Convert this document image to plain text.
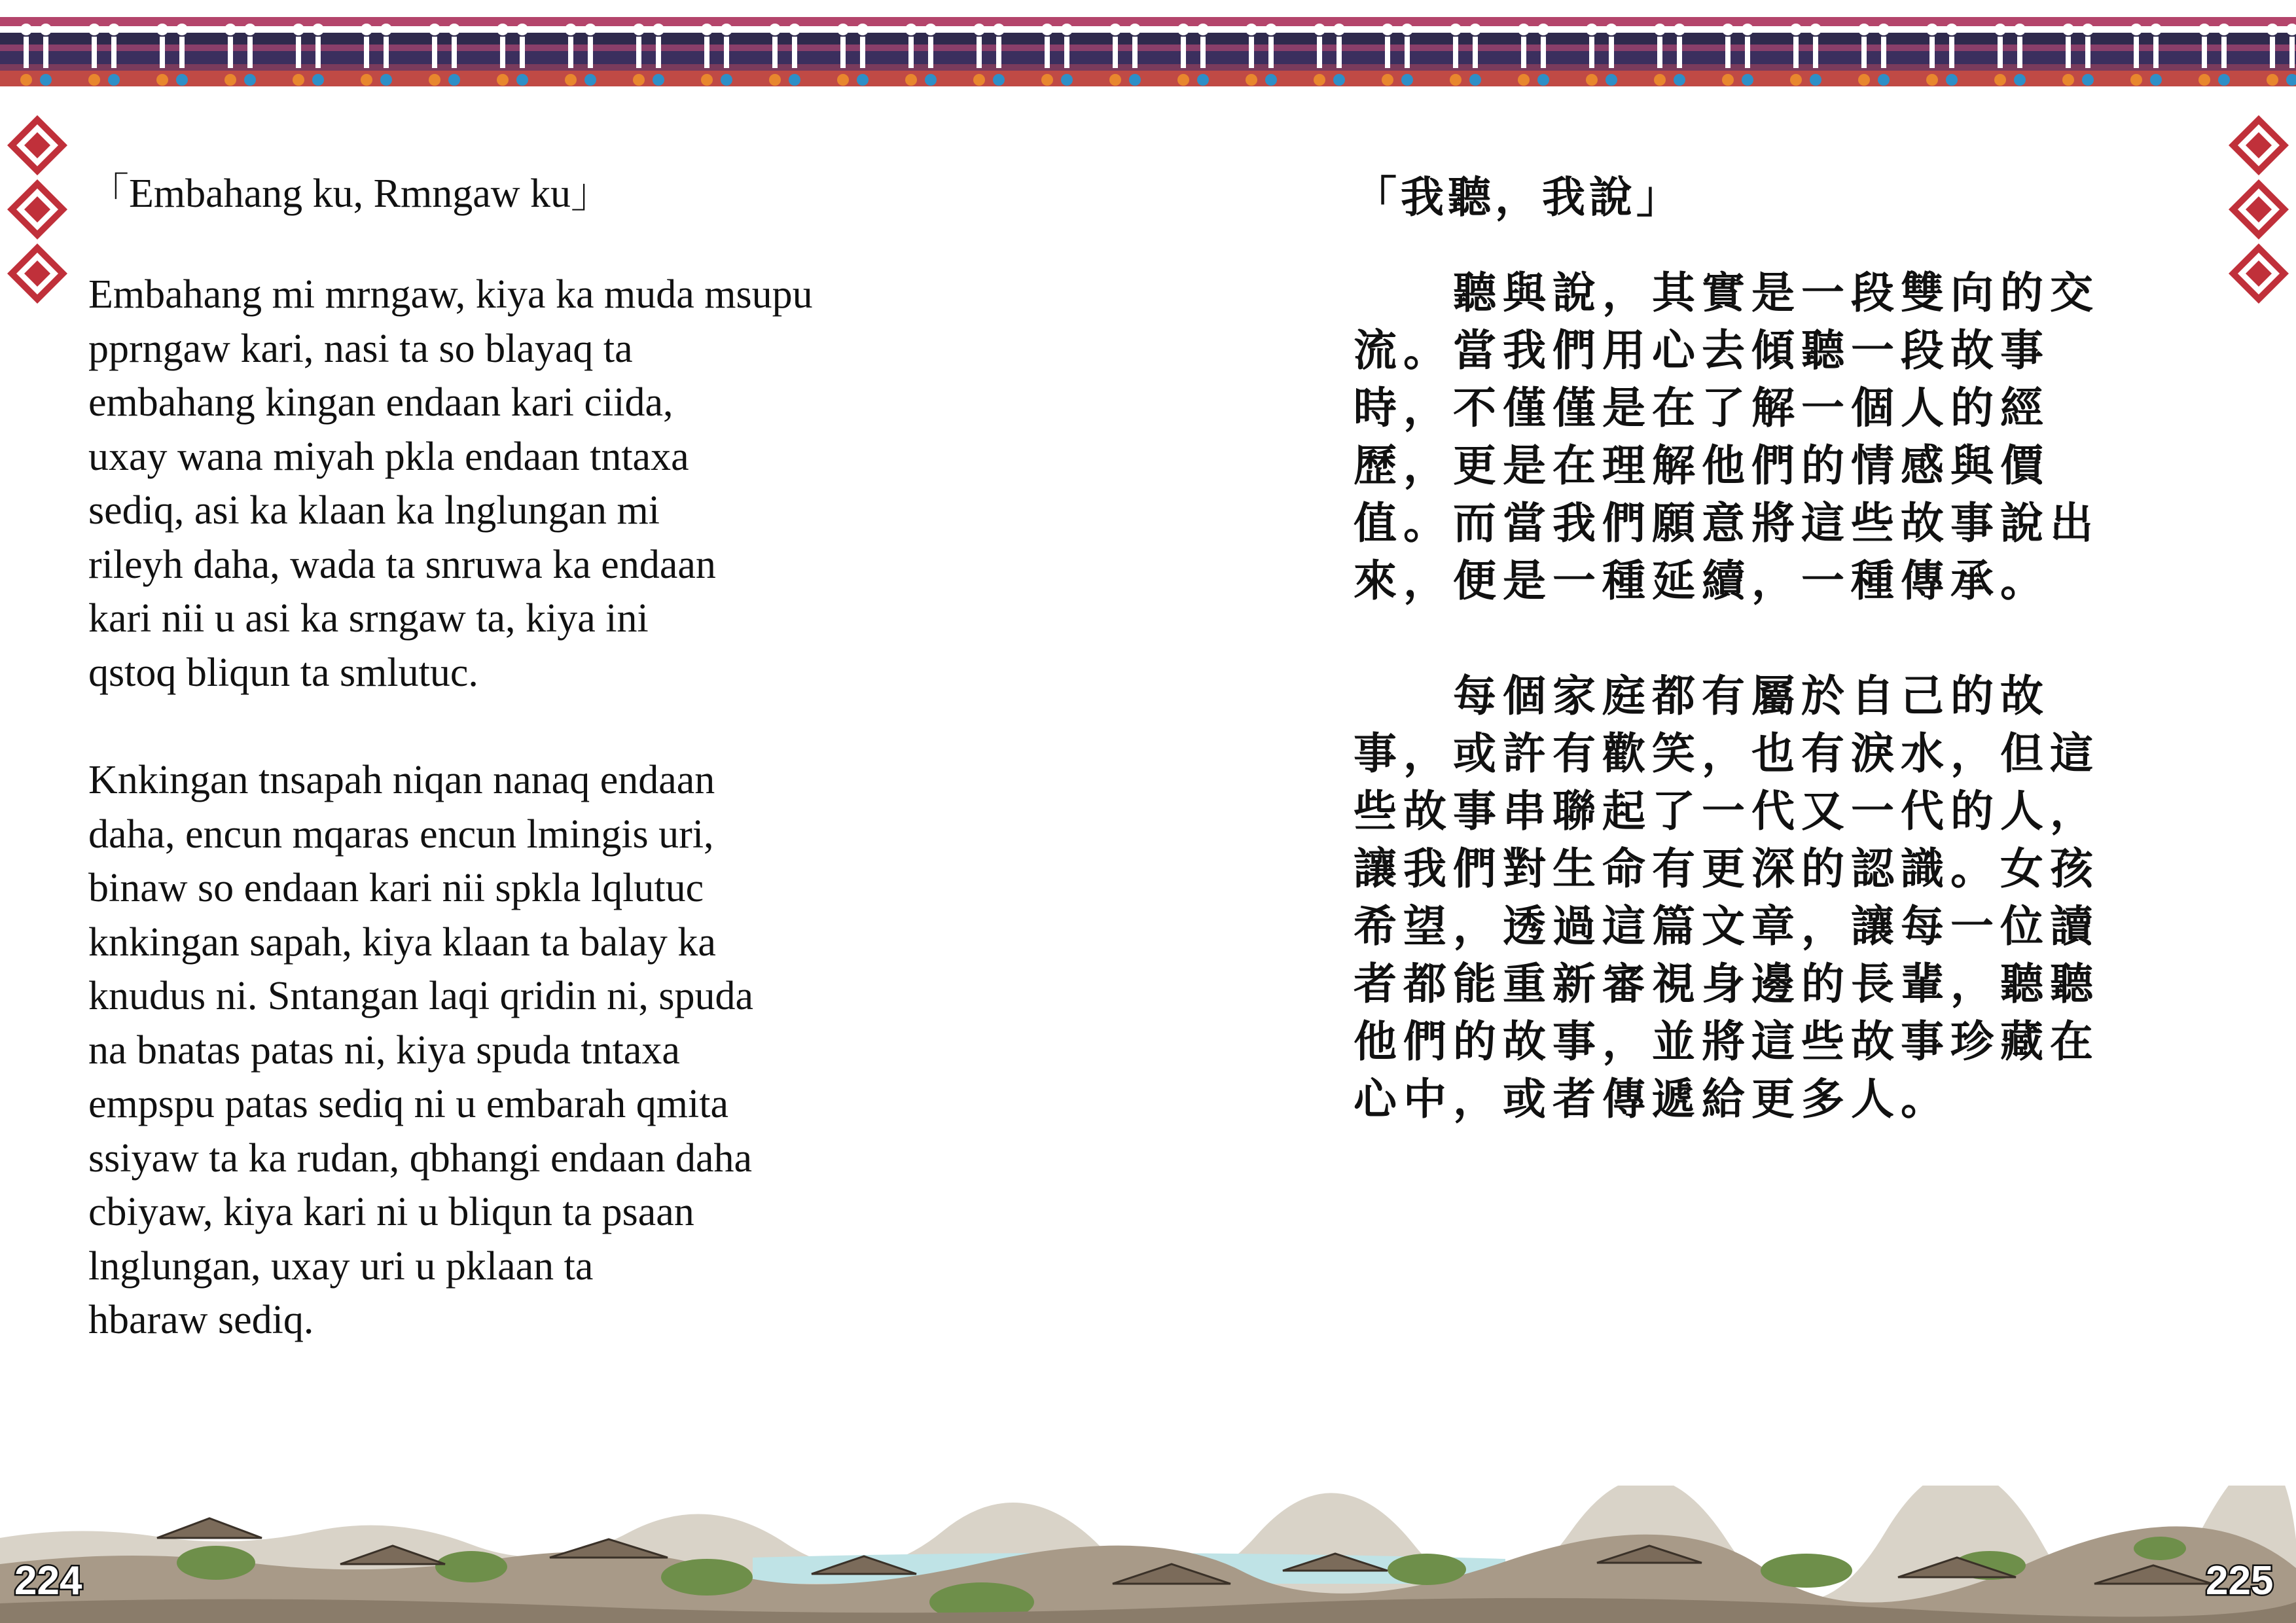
「Embahang ku, Rmngaw ku」

Embahang mi mrngaw, kiya ka muda msupu
pprngaw kari, nasi ta so blayaq ta
embahang kingan endaan kari ciida,
uxay wana miyah pkla endaan tntaxa
sediq, asi ka klaan ka lnglungan mi
rileyh daha, wada ta snruwa ka endaan
kari nii u asi ka srngaw ta, kiya ini
qstoq bliqun ta smlutuc.

Knkingan tnsapah niqan nanaq endaan
daha, encun mqaras encun lmingis uri,
binaw so endaan kari nii spkla lqlutuc
knkingan sapah, kiya klaan ta balay ka
knudus ni. Sntangan laqi qridin ni, spuda
na bnatas patas ni, kiya spuda tntaxa
empspu patas sediq ni u embarah qmita
ssiyaw ta ka rudan, qbhangi endaan daha
cbiyaw, kiya kari ni u bliqun ta psaan
lnglungan, uxay uri u pklaan ta
hbaraw sediq.

「我聽，我說」

　　聽與說，其實是一段雙向的交
流。當我們用心去傾聽一段故事
時，不僅僅是在了解一個人的經
歷，更是在理解他們的情感與價
值。而當我們願意將這些故事說出
來，便是一種延續，一種傳承。

　　每個家庭都有屬於自己的故
事，或許有歡笑，也有淚水，但這
些故事串聯起了一代又一代的人，
讓我們對生命有更深的認識。女孩
希望，透過這篇文章，讓每一位讀
者都能重新審視身邊的長輩，聽聽
他們的故事，並將這些故事珍藏在
心中，或者傳遞給更多人。

224	225
